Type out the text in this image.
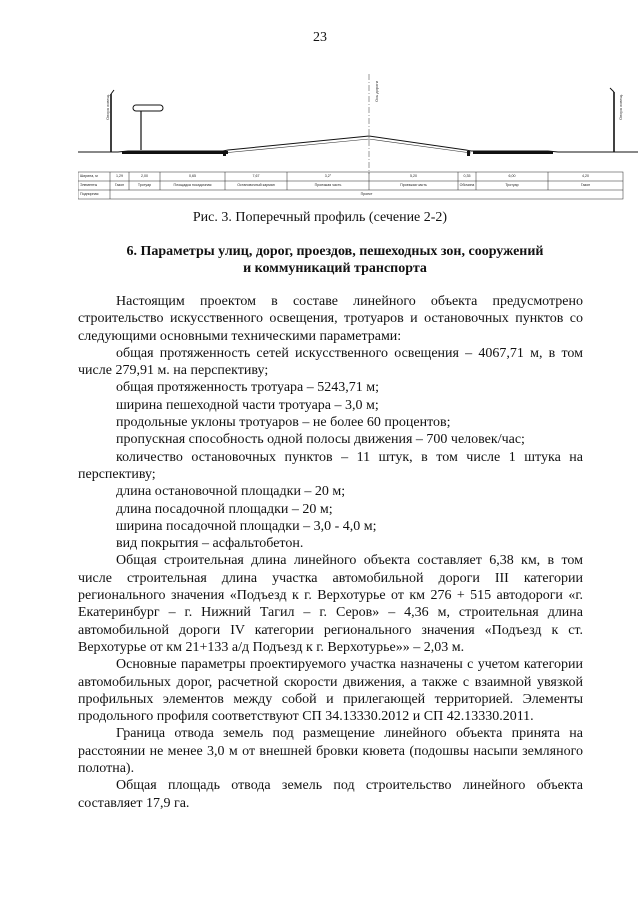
23
Ось дороги
Опора освещ.	Опора освещ.
Ширина, м	1,29	2,00	0,65	7,67	3,2°	5,20	0,35	6,00	4,20
Элементы	Газон	Тротуар	Площадка посадочная	Остановочный карман	Проезжая часть	Проезжая часть	Обочина	Тротуар	Газон
Подпорная	Проект
Рис. 3. Поперечный профиль (сечение 2-2)
6. Параметры улиц, дорог, проездов, пешеходных зон, сооружений
и коммуникаций транспорта

Настоящим проектом в составе линейного объекта предусмотрено строительство искусственного освещения, тротуаров и остановочных пунктов со следующими основными техническими параметрами:

общая протяженность сетей искусственного освещения – 4067,71 м, в том числе 279,91 м. на перспективу;

общая протяженность тротуара – 5243,71 м;

ширина пешеходной части тротуара – 3,0 м;

продольные уклоны тротуаров – не более 60 процентов;

пропускная способность одной полосы движения – 700 человек/час;

количество остановочных пунктов – 11 штук, в том числе 1 штука на перспективу;

длина остановочной площадки – 20 м;

длина посадочной площадки – 20 м;

ширина посадочной площадки – 3,0 - 4,0 м;

вид покрытия – асфальтобетон.

Общая строительная длина линейного объекта составляет 6,38 км, в том числе строительная длина участка автомобильной дороги III категории регионального значения «Подъезд к г. Верхотурье от км 276 + 515 автодороги «г. Екатеринбург – г. Нижний Тагил – г. Серов» – 4,36 м, строительная длина автомобильной дороги IV категории регионального значения «Подъезд к ст. Верхотурье от км 21+133 а/д Подъезд к г. Верхотурье»» – 2,03 м.

Основные параметры проектируемого участка назначены с учетом категории автомобильных дорог, расчетной скорости движения, а также с взаимной увязкой профильных элементов между собой и прилегающей территорией. Элементы продольного профиля соответствуют СП 34.13330.2012 и СП 42.13330.2011.

Граница отвода земель под размещение линейного объекта принята на расстоянии не менее 3,0 м от внешней бровки кювета (подошвы насыпи земляного полотна).

Общая площадь отвода земель под строительство линейного объекта составляет 17,9 га.
